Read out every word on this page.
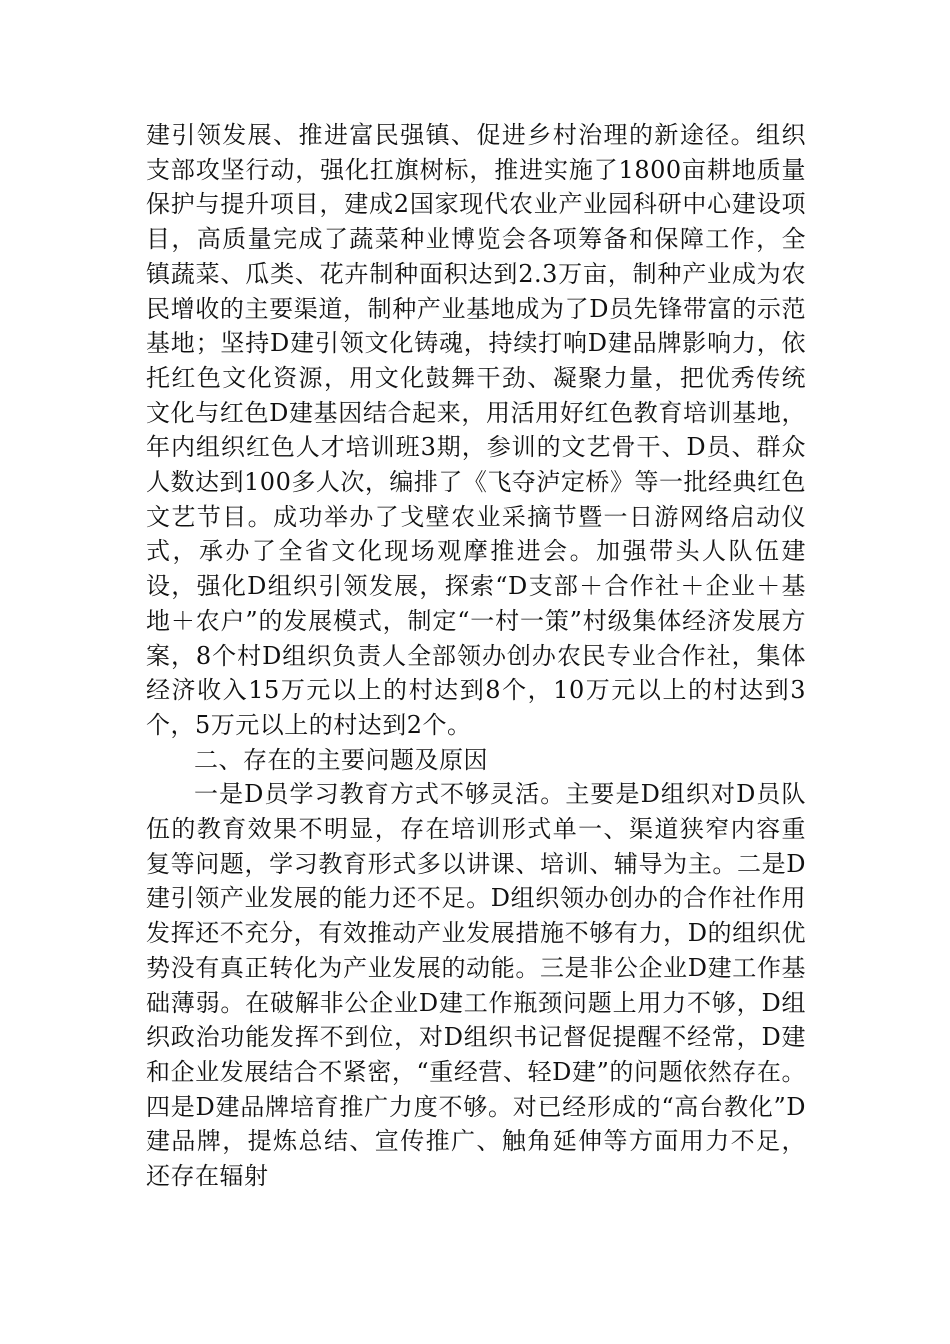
建引领发展、推进富民强镇、促进乡村治理的新途径。组织支部攻坚行动，强化扛旗树标，推进实施了1800亩耕地质量保护与提升项目，建成2国家现代农业产业园科研中心建设项目，高质量完成了蔬菜种业博览会各项筹备和保障工作，全镇蔬菜、瓜类、花卉制种面积达到2.3万亩，制种产业成为农民增收的主要渠道，制种产业基地成为了D员先锋带富的示范基地；坚持D建引领文化铸魂，持续打响D建品牌影响力，依托红色文化资源，用文化鼓舞干劲、凝聚力量，把优秀传统文化与红色D建基因结合起来，用活用好红色教育培训基地，年内组织红色人才培训班3期，参训的文艺骨干、D员、群众人数达到100多人次，编排了《飞夺泸定桥》等一批经典红色文艺节目。成功举办了戈壁农业采摘节暨一日游网络启动仪式，承办了全省文化现场观摩推进会。加强带头人队伍建设，强化D组织引领发展，探索“D支部＋合作社＋企业＋基地＋农户”的发展模式，制定“一村一策”村级集体经济发展方案，8个村D组织负责人全部领办创办农民专业合作社，集体经济收入15万元以上的村达到8个，10万元以上的村达到3个，5万元以上的村达到2个。

二、存在的主要问题及原因

一是D员学习教育方式不够灵活。主要是D组织对D员队伍的教育效果不明显，存在培训形式单一、渠道狭窄内容重复等问题，学习教育形式多以讲课、培训、辅导为主。二是D建引领产业发展的能力还不足。D组织领办创办的合作社作用发挥还不充分，有效推动产业发展措施不够有力，D的组织优势没有真正转化为产业发展的动能。三是非公企业D建工作基础薄弱。在破解非公企业D建工作瓶颈问题上用力不够，D组织政治功能发挥不到位，对D组织书记督促提醒不经常，D建和企业发展结合不紧密，“重经营、轻D建”的问题依然存在。四是D建品牌培育推广力度不够。对已经形成的“高台教化”D建品牌，提炼总结、宣传推广、触角延伸等方面用力不足，还存在辐射
